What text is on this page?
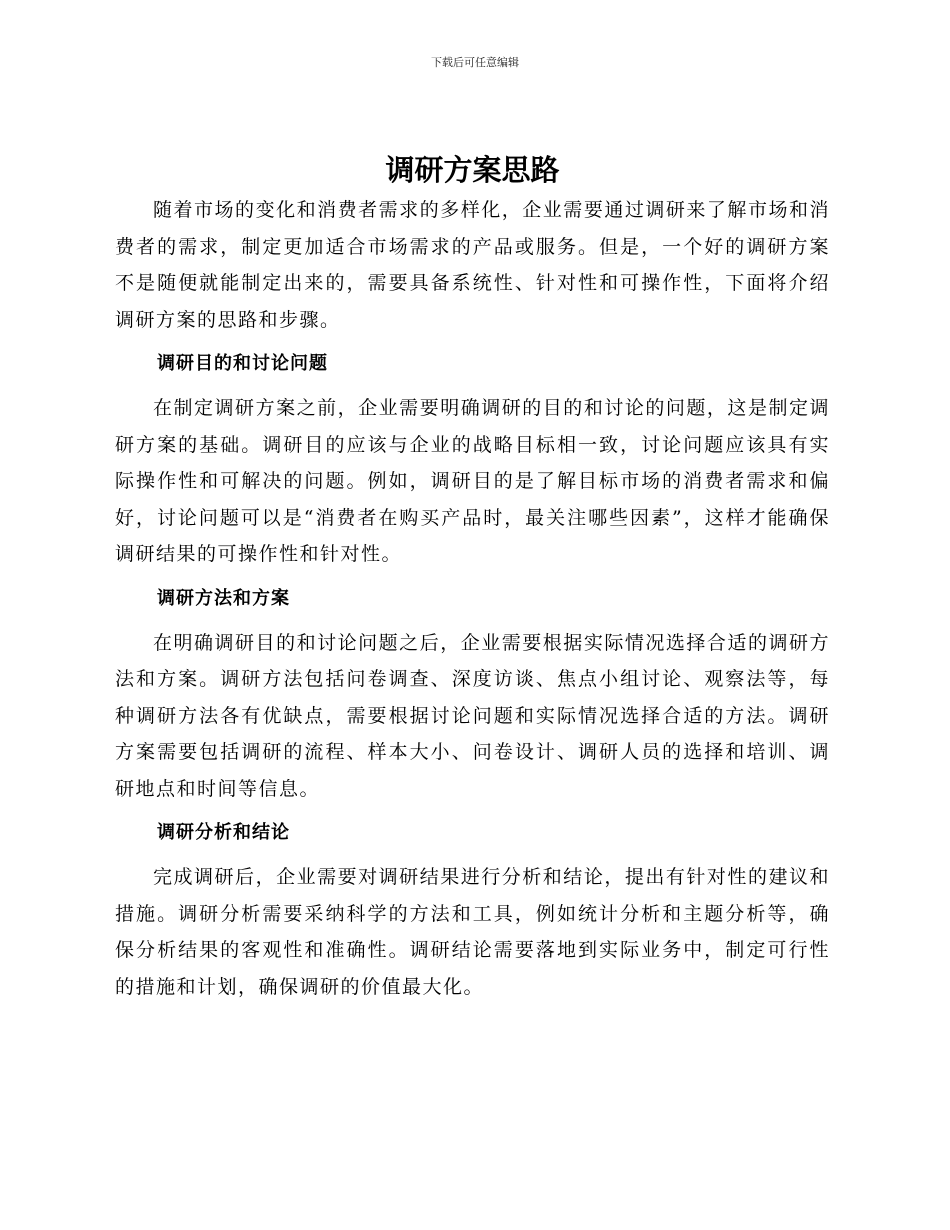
下载后可任意编辑
调研方案思路

随着市场的变化和消费者需求的多样化，企业需要通过调研来了解市场和消费者的需求，制定更加适合市场需求的产品或服务。但是，一个好的调研方案不是随便就能制定出来的，需要具备系统性、针对性和可操作性，下面将介绍调研方案的思路和步骤。

调研目的和讨论问题

在制定调研方案之前，企业需要明确调研的目的和讨论的问题，这是制定调研方案的基础。调研目的应该与企业的战略目标相一致，讨论问题应该具有实际操作性和可解决的问题。例如，调研目的是了解目标市场的消费者需求和偏好，讨论问题可以是“消费者在购买产品时，最关注哪些因素”，这样才能确保调研结果的可操作性和针对性。

调研方法和方案

在明确调研目的和讨论问题之后，企业需要根据实际情况选择合适的调研方法和方案。调研方法包括问卷调查、深度访谈、焦点小组讨论、观察法等，每种调研方法各有优缺点，需要根据讨论问题和实际情况选择合适的方法。调研方案需要包括调研的流程、样本大小、问卷设计、调研人员的选择和培训、调研地点和时间等信息。

调研分析和结论

完成调研后，企业需要对调研结果进行分析和结论，提出有针对性的建议和措施。调研分析需要采纳科学的方法和工具，例如统计分析和主题分析等，确保分析结果的客观性和准确性。调研结论需要落地到实际业务中，制定可行性的措施和计划，确保调研的价值最大化。
